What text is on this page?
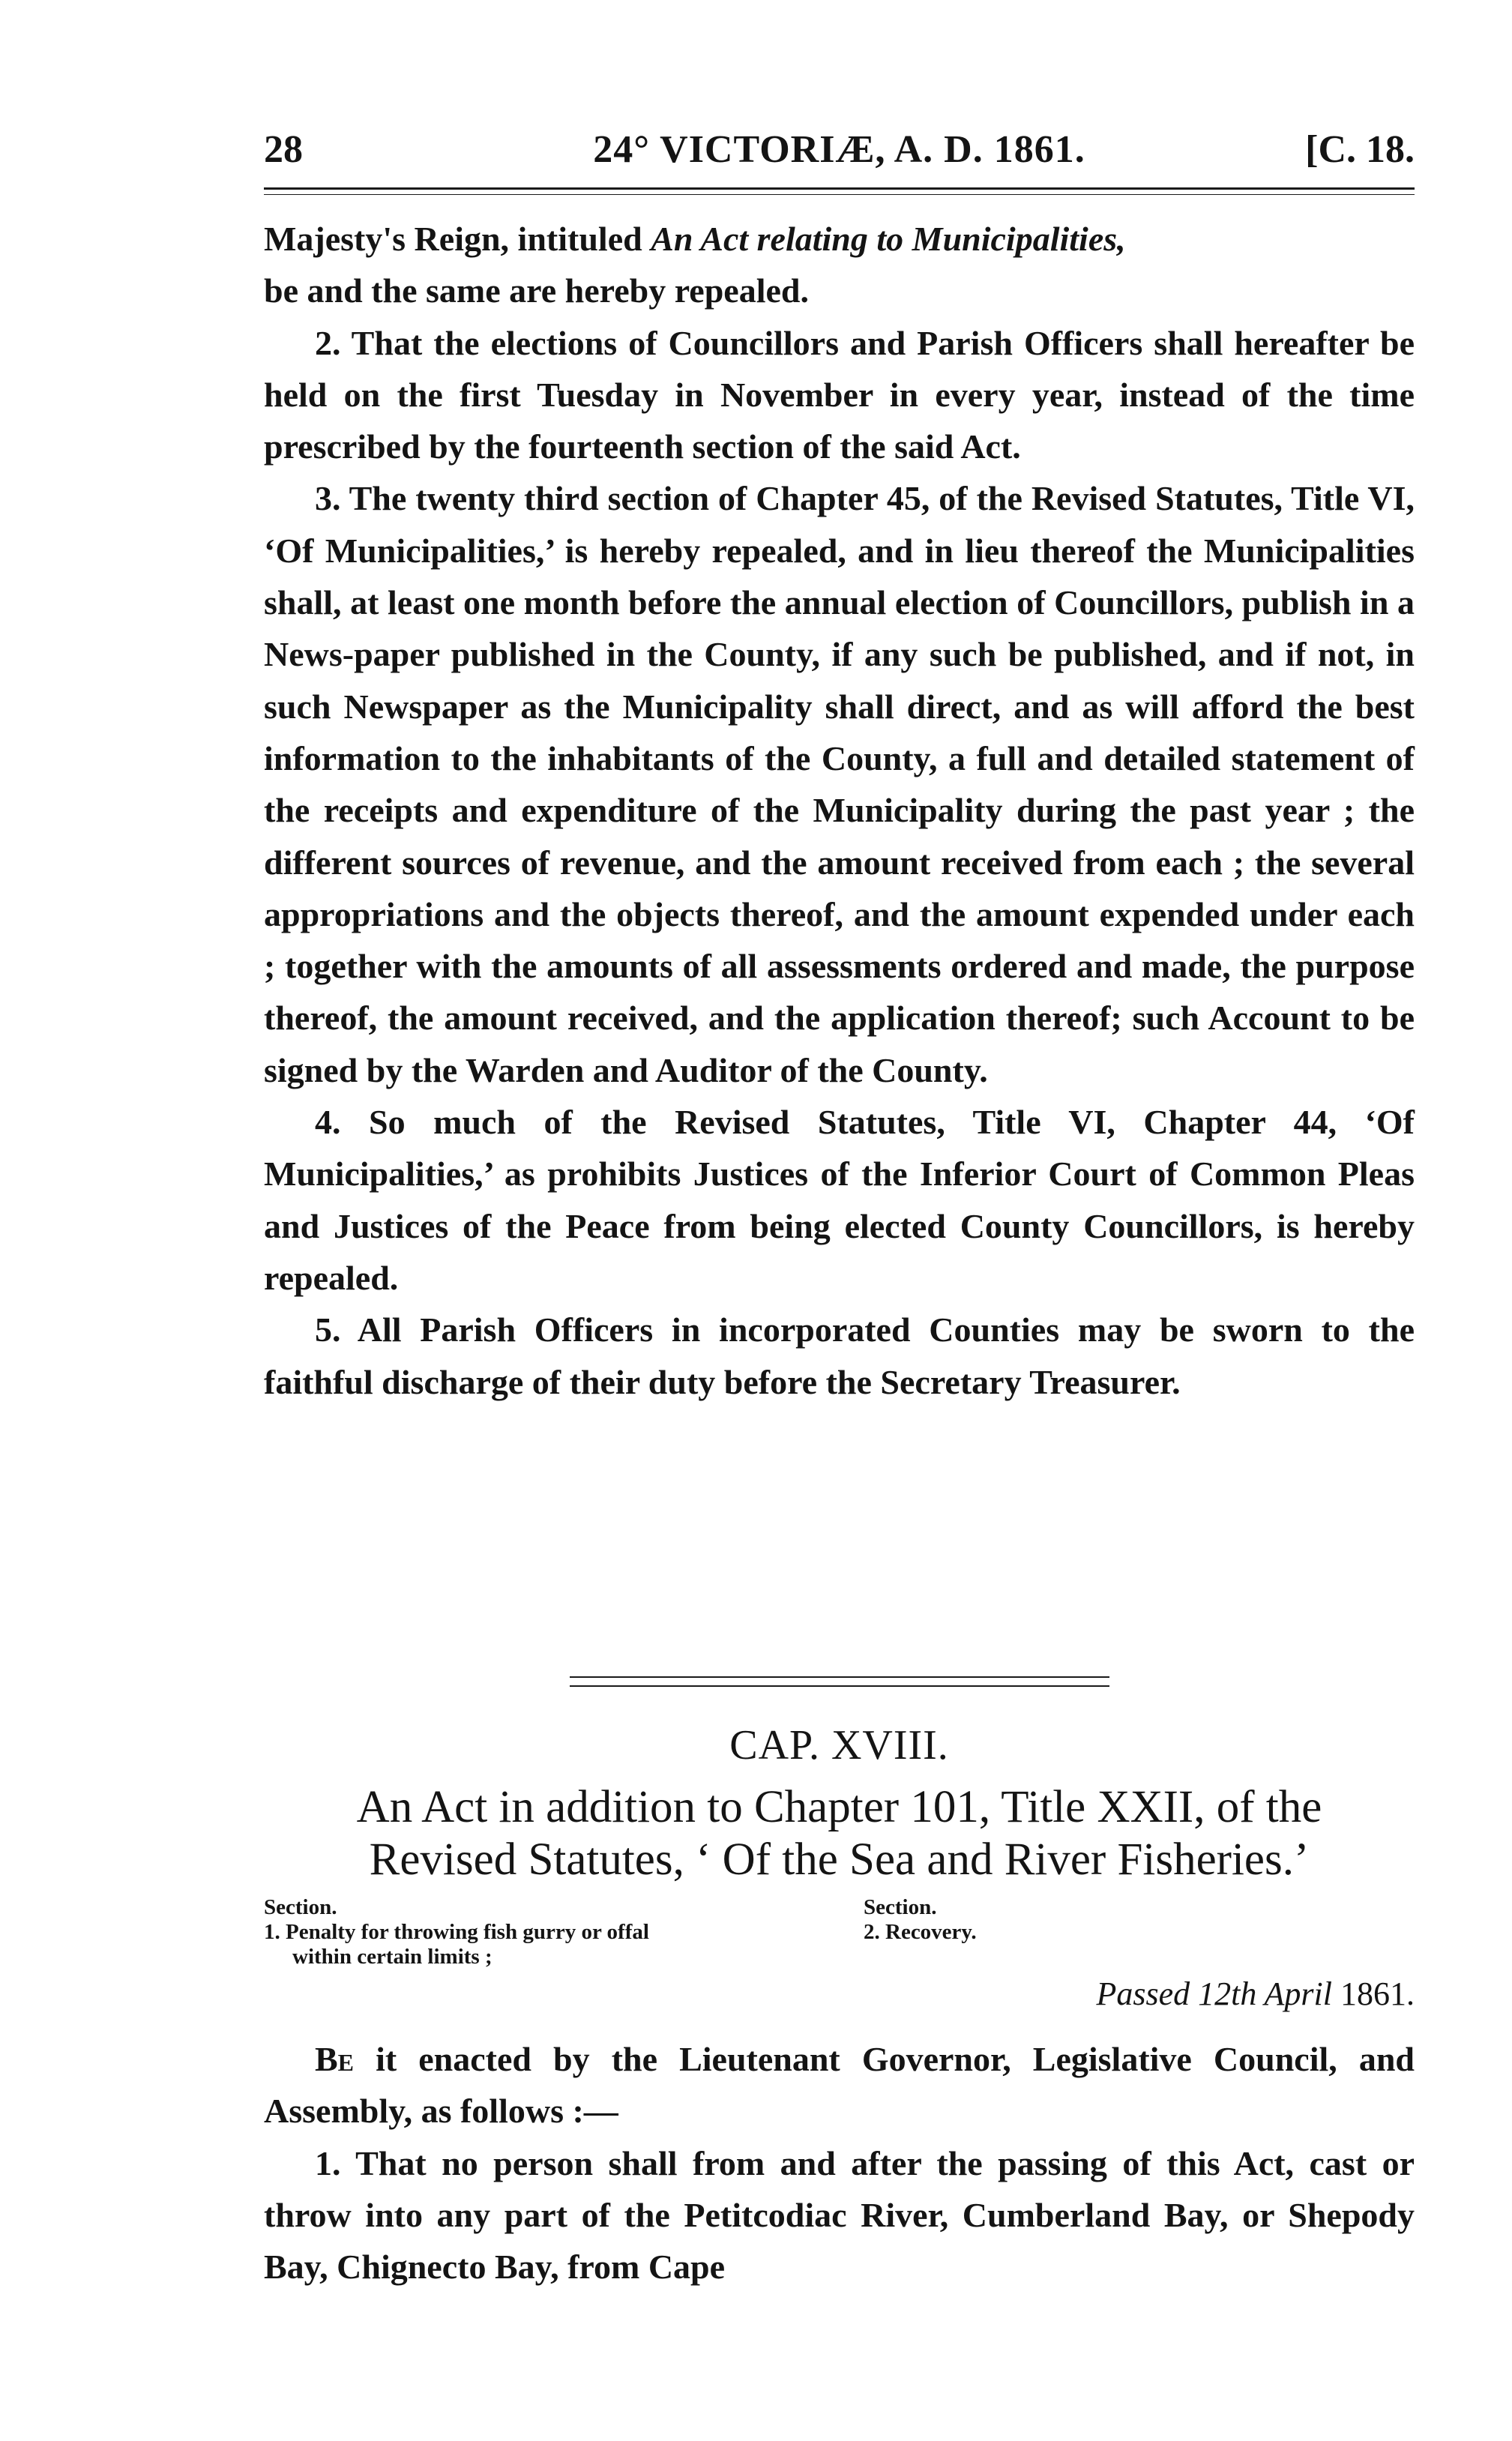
28	24° VICTORIÆ, A. D. 1861.	[C. 18.

Majesty's Reign, intituled An Act relating to Municipalities,
be and the same are hereby repealed.

2. That the elections of Councillors and Parish Officers shall hereafter be held on the first Tuesday in November in every year, instead of the time prescribed by the fourteenth section of the said Act.

3. The twenty third section of Chapter 45, of the Revised Statutes, Title VI, ‘Of Municipalities,’ is hereby repealed, and in lieu thereof the Municipalities shall, at least one month before the annual election of Councillors, publish in a News-paper published in the County, if any such be published, and if not, in such Newspaper as the Municipality shall direct, and as will afford the best information to the inhabitants of the County, a full and detailed statement of the receipts and expenditure of the Municipality during the past year ; the different sources of revenue, and the amount received from each ; the several appropriations and the objects thereof, and the amount expended under each ; together with the amounts of all assessments ordered and made, the purpose thereof, the amount received, and the application thereof; such Account to be signed by the Warden and Auditor of the County.

4. So much of the Revised Statutes, Title VI, Chapter 44, ‘Of Municipalities,’ as prohibits Justices of the Inferior Court of Common Pleas and Justices of the Peace from being elected County Councillors, is hereby repealed.

5. All Parish Officers in incorporated Counties may be sworn to the faithful discharge of their duty before the Secretary Treasurer.

CAP. XVIII.
An Act in addition to Chapter 101, Title XXII, of the
Revised Statutes, ‘ Of the Sea and River Fisheries.’
Section.
1. Penalty for throwing fish gurry or offal
within certain limits ;
Section.
2. Recovery.
Passed 12th April 1861.

Be it enacted by the Lieutenant Governor, Legislative Council, and Assembly, as follows :—

1. That no person shall from and after the passing of this Act, cast or throw into any part of the Petitcodiac River, Cumberland Bay, or Shepody Bay, Chignecto Bay, from Cape
